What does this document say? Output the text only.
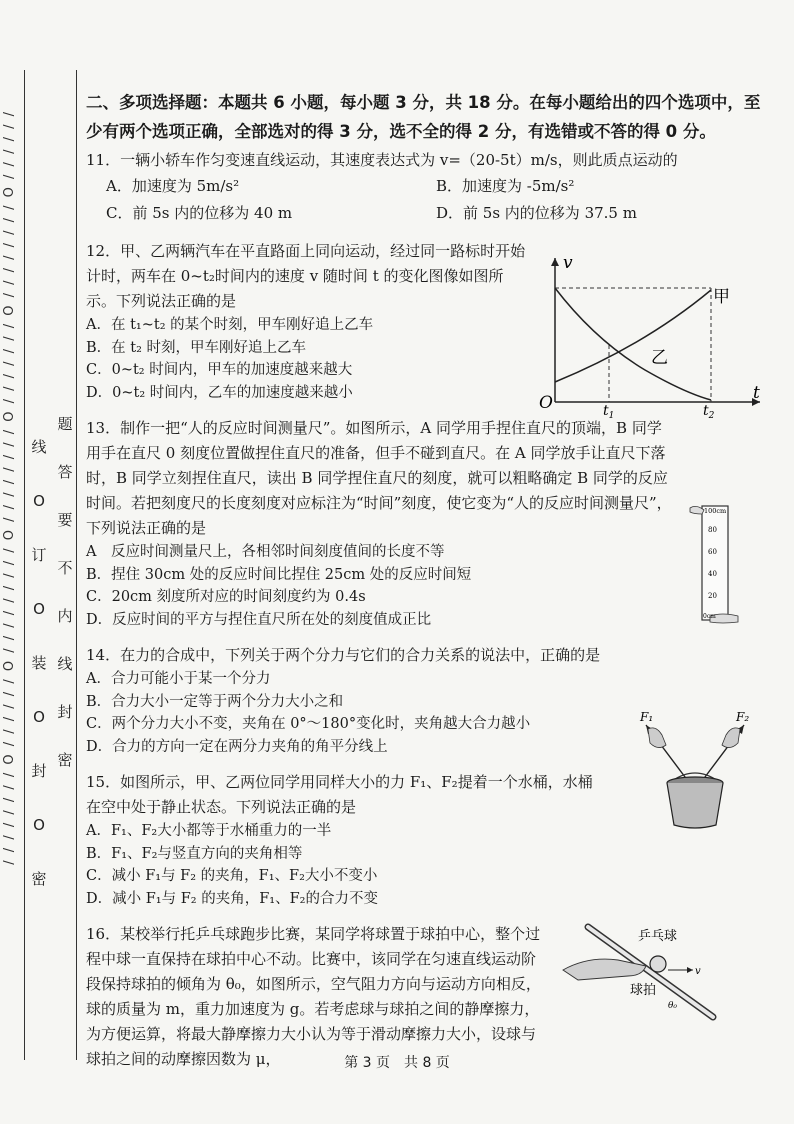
/ / / / / / / / O / / / / / / O / / / / / / / / / O / / / / / / / / O / / / / / / / O / / / / / / / / O / / / / / / 线
O
订
O
装
O
封
O
密
题
答
要
不
内
线
封
密
二、多项选择题：本题共 6 小题，每小题 3 分，共 18 分。在每小题给出的四个选项中，至少有两个选项正确，全部选对的得 3 分，选不全的得 2 分，有选错或不答的得 0 分。
11．一辆小轿车作匀变速直线运动，其速度表达式为 v=（20-5t）m/s，则此质点运动的
A．加速度为 5m/s²	B．加速度为 -5m/s²
C．前 5s 内的位移为 40 m	D．前 5s 内的位移为 37.5 m
12．甲、乙两辆汽车在平直路面上同向运动，经过同一路标时开始计时，两车在 0~t₂时间内的速度 v 随时间 t 的变化图像如图所示。下列说法正确的是
A．在 t₁~t₂ 的某个时刻，甲车刚好追上乙车
B．在 t₂ 时刻，甲车刚好追上乙车
C．0~t₂ 时间内，甲车的加速度越来越大
D．0~t₂ 时间内，乙车的加速度越来越小
13．制作一把“人的反应时间测量尺”。如图所示，A 同学用手捏住直尺的顶端，B 同学用手在直尺 0 刻度位置做捏住直尺的准备，但手不碰到直尺。在 A 同学放手让直尺下落时，B 同学立刻捏住直尺，读出 B 同学捏住直尺的刻度，就可以粗略确定 B 同学的反应时间。若把刻度尺的长度刻度对应标注为“时间”刻度，使它变为“人的反应时间测量尺”，下列说法正确的是
A　反应时间测量尺上，各相邻时间刻度值间的长度不等
B．捏住 30cm 处的反应时间比捏住 25cm 处的反应时间短
C．20cm 刻度所对应的时间刻度约为 0.4s
D．反应时间的平方与捏住直尺所在处的刻度值成正比
14．在力的合成中，下列关于两个分力与它们的合力关系的说法中，正确的是
A．合力可能小于某一个分力
B．合力大小一定等于两个分力大小之和
C．两个分力大小不变，夹角在 0°～180°变化时，夹角越大合力越小
D．合力的方向一定在两分力夹角的角平分线上
15．如图所示，甲、乙两位同学用同样大小的力 F₁、F₂提着一个水桶，水桶在空中处于静止状态。下列说法正确的是
A．F₁、F₂大小都等于水桶重力的一半
B．F₁、F₂与竖直方向的夹角相等
C．减小 F₁与 F₂ 的夹角，F₁、F₂大小不变小
D．减小 F₁与 F₂ 的夹角，F₁、F₂的合力不变
16．某校举行托乒乓球跑步比赛，某同学将球置于球拍中心，整个过程中球一直保持在球拍中心不动。比赛中，该同学在匀速直线运动阶段保持球拍的倾角为 θ₀，如图所示，空气阻力方向与运动方向相反，球的质量为 m，重力加速度为 g。若考虑球与球拍之间的静摩擦力，为方便运算，将最大静摩擦力大小认为等于滑动摩擦力大小，设球与球拍之间的动摩擦因数为 μ，
v
t
O	$t_1$	$t_2$
甲
乙
100cm
80
60
40
20
0cm
F₁	F₂
乒乓球
球拍
v
θ₀
第 3 页　共 8 页
